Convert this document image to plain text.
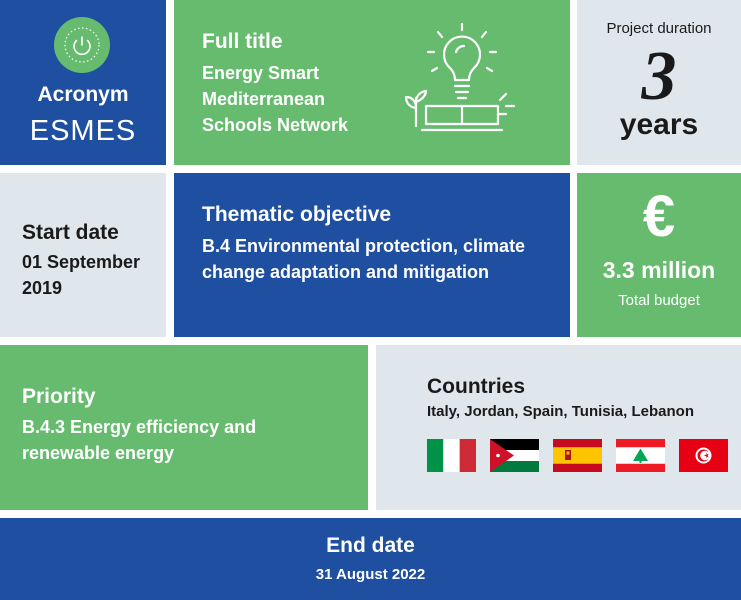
Acronym
ESMES
Full title
Energy Smart Mediterranean Schools Network
Project duration
3
years
Start date
01 September 2019
Thematic objective
B.4 Environmental protection, climate change adaptation and mitigation
€
3.3 million
Total budget
Priority
B.4.3 Energy efficiency and renewable energy
Countries
Italy, Jordan, Spain, Tunisia, Lebanon
End date
31 August 2022
